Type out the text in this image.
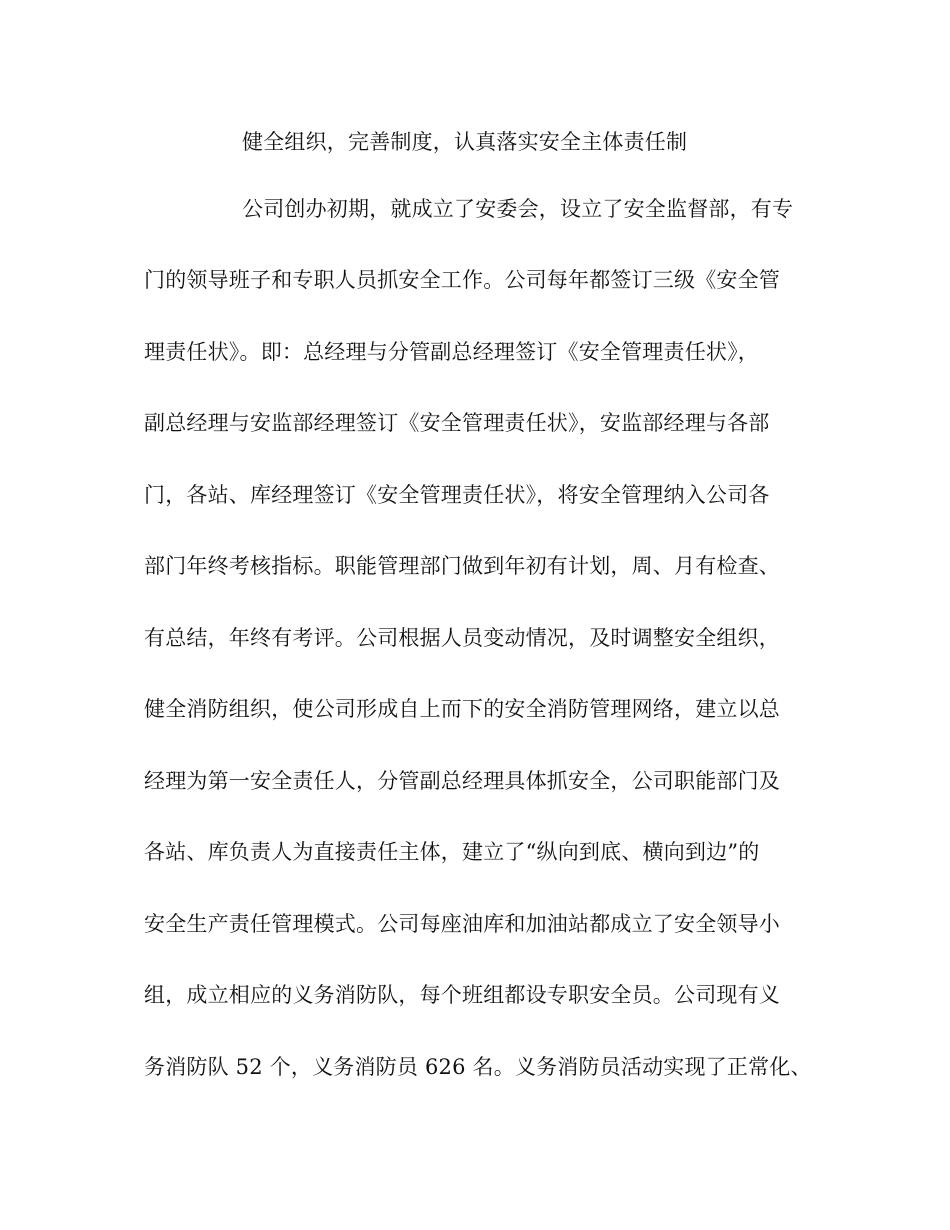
健全组织，完善制度，认真落实安全主体责任制
公司创办初期，就成立了安委会，设立了安全监督部，有专
门的领导班子和专职人员抓安全工作。公司每年都签订三级《安全管
理责任状》。即：总经理与分管副总经理签订《安全管理责任状》，
副总经理与安监部经理签订《安全管理责任状》，安监部经理与各部
门，各站、库经理签订《安全管理责任状》，将安全管理纳入公司各
部门年终考核指标。职能管理部门做到年初有计划，周、月有检查、
有总结，年终有考评。公司根据人员变动情况，及时调整安全组织，
健全消防组织，使公司形成自上而下的安全消防管理网络，建立以总
经理为第一安全责任人，分管副总经理具体抓安全，公司职能部门及
各站、库负责人为直接责任主体，建立了“纵向到底、横向到边”的
安全生产责任管理模式。公司每座油库和加油站都成立了安全领导小
组，成立相应的义务消防队，每个班组都设专职安全员。公司现有义
务消防队 52 个，义务消防员 626 名。义务消防员活动实现了正常化、
